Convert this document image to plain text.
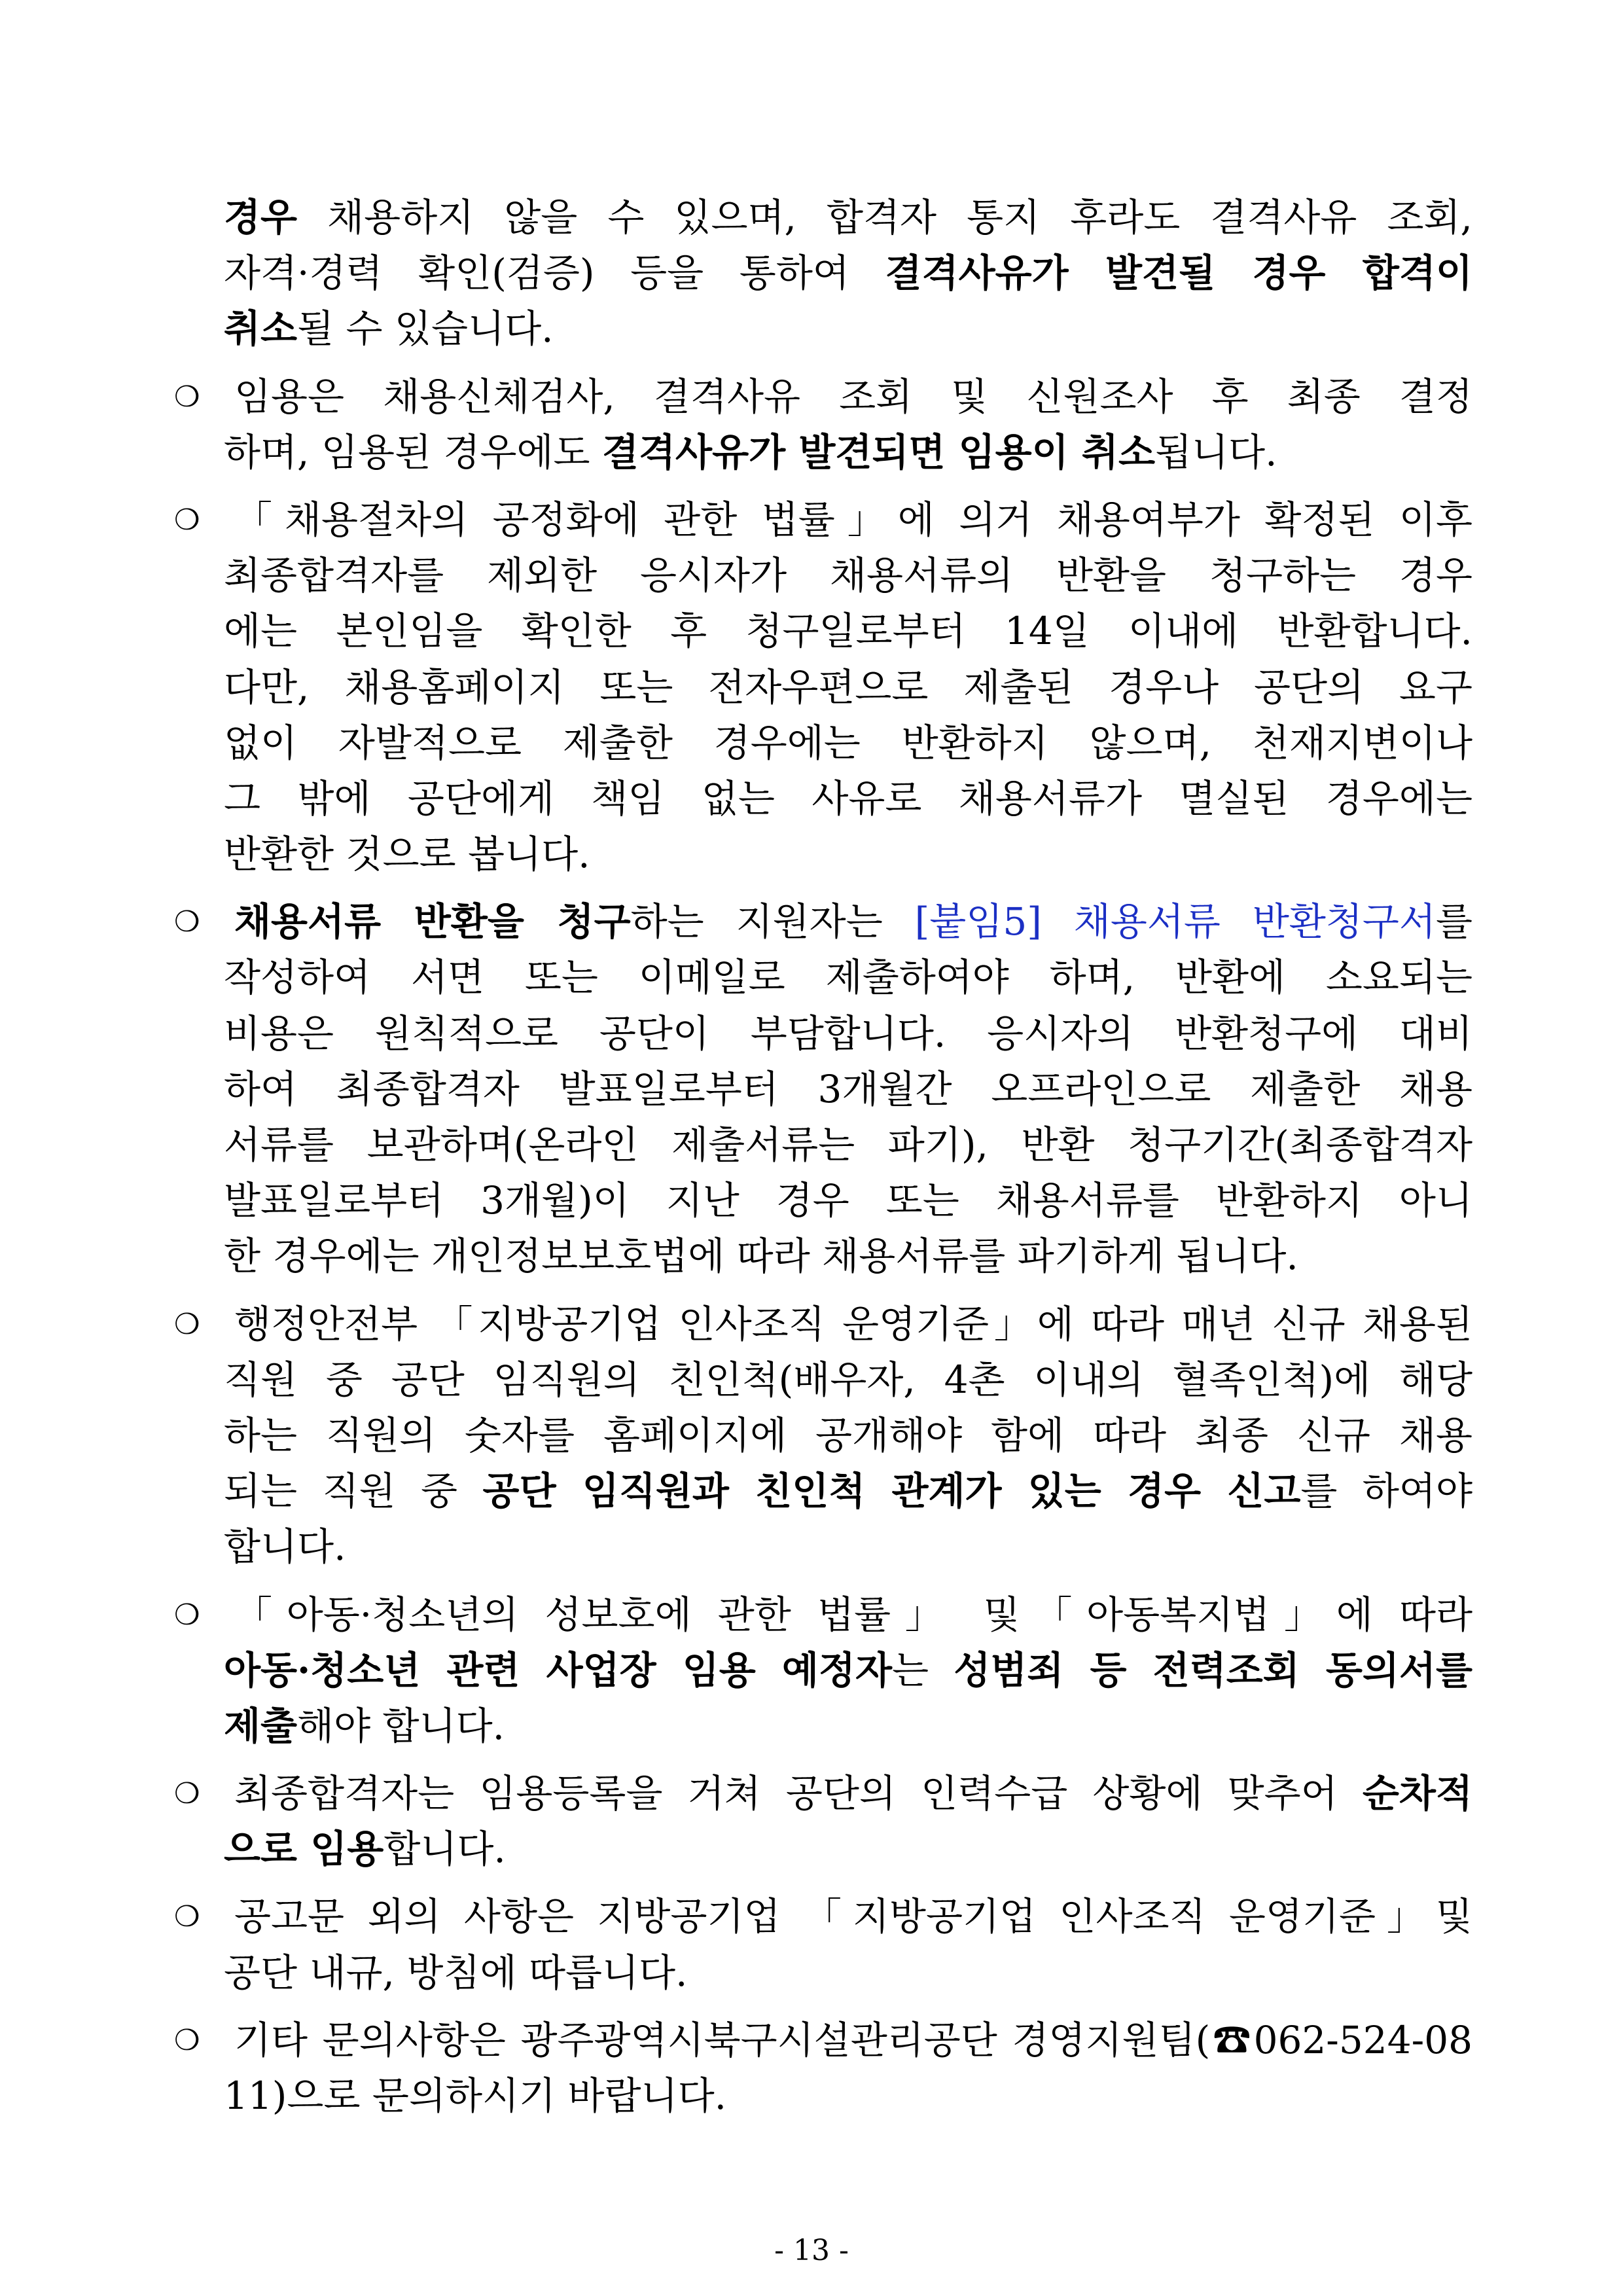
경우 채용하지 않을 수 있으며, 합격자 통지 후라도 결격사유 조회,
자격·경력 확인(검증) 등을 통하여 결격사유가 발견될 경우 합격이
취소될 수 있습니다.
❍ 임용은 채용신체검사, 결격사유 조회 및 신원조사 후 최종 결정
하며, 임용된 경우에도 결격사유가 발견되면 임용이 취소됩니다.
❍ 「채용절차의 공정화에 관한 법률」에 의거 채용여부가 확정된 이후
최종합격자를 제외한 응시자가 채용서류의 반환을 청구하는 경우
에는 본인임을 확인한 후 청구일로부터 14일 이내에 반환합니다.
다만, 채용홈페이지 또는 전자우편으로 제출된 경우나 공단의 요구
없이 자발적으로 제출한 경우에는 반환하지 않으며, 천재지변이나
그 밖에 공단에게 책임 없는 사유로 채용서류가 멸실된 경우에는
반환한 것으로 봅니다.
❍ 채용서류 반환을 청구하는 지원자는 [붙임5] 채용서류 반환청구서를
작성하여 서면 또는 이메일로 제출하여야 하며, 반환에 소요되는
비용은 원칙적으로 공단이 부담합니다. 응시자의 반환청구에 대비
하여 최종합격자 발표일로부터 3개월간 오프라인으로 제출한 채용
서류를 보관하며(온라인 제출서류는 파기), 반환 청구기간(최종합격자
발표일로부터 3개월)이 지난 경우 또는 채용서류를 반환하지 아니
한 경우에는 개인정보보호법에 따라 채용서류를 파기하게 됩니다.
❍ 행정안전부 「지방공기업 인사조직 운영기준」에 따라 매년 신규 채용된
직원 중 공단 임직원의 친인척(배우자, 4촌 이내의 혈족인척)에 해당
하는 직원의 숫자를 홈페이지에 공개해야 함에 따라 최종 신규 채용
되는 직원 중 공단 임직원과 친인척 관계가 있는 경우 신고를 하여야
합니다.
❍ 「아동·청소년의 성보호에 관한 법률」 및「아동복지법」에 따라
아동·청소년 관련 사업장 임용 예정자는 성범죄 등 전력조회 동의서를
제출해야 합니다.
❍ 최종합격자는 임용등록을 거쳐 공단의 인력수급 상황에 맞추어 순차적
으로 임용합니다.
❍ 공고문 외의 사항은 지방공기업 「지방공기업 인사조직 운영기준」및
공단 내규, 방침에 따릅니다.
❍ 기타 문의사항은 광주광역시북구시설관리공단 경영지원팀(☎062-524-08
11)으로 문의하시기 바랍니다.
- 13 -
